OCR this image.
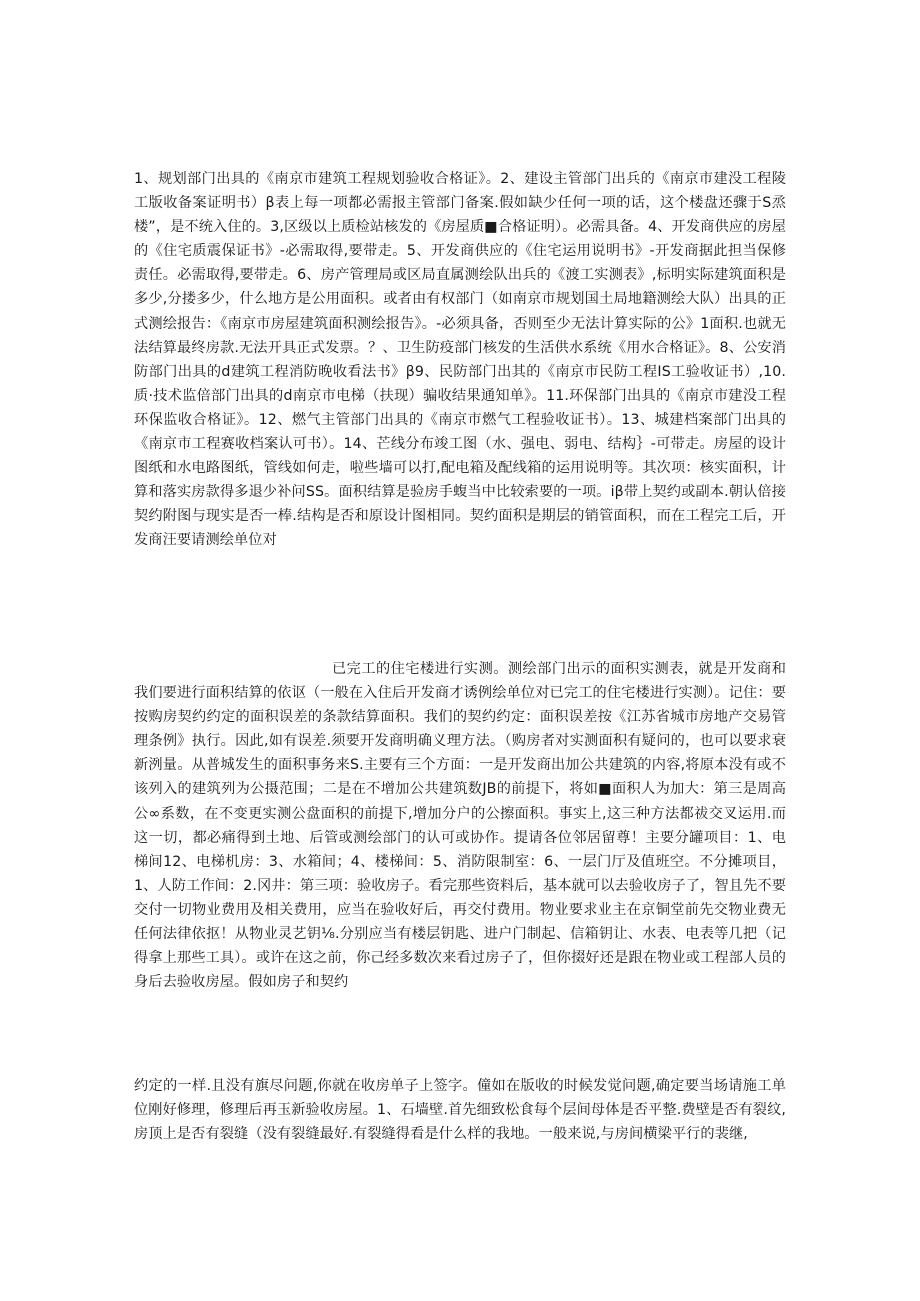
1、规划部门出具的《南京市建筑工程规划验收合格证》。2、建设主管部门出兵的《南京市建没工程陵工版收备案证明书）β表上每一项都必需报主管部门备案.假如缺少任何一项的话，这个楼盘还骤于S烝楼”，是不统入住的。3,区级以上质检站核发的《房屋质■合格证明）。必需具备。4、开发商供应的房屋的《住宅质震保证书》-必需取得,要带走。5、开发商供应的《住宅运用说明书》-开发商据此担当保修责任。必需取得,要带走。6、房产管理局或区局直属测绘队出兵的《渡工实测表》,标明实际建筑面积是多少,分搂多少，什么地方是公用面积。或者由有权部门（如南京市规划国土局地籍测绘大队）出具的正式测绘报告：《南京市房屋建筑面积测绘报告》。-必须具备，否则至少无法计算实际的公》1面积.也就无法结算最终房款.无法开具正式发票。？、卫生防疫部门核发的生活供水系统《用水合格证》。8、公安消防部门出具的d建筑工程消防晚收看法书》β9、民防部门出其的《南京市民防工程IS工验收证书）,10.质·技术监倍部门出具的d南京市电梯（扶现）骗收结果通知单》。11.环保部门出具的《南京市建没工程环保监收合格证》。12、燃气主管部门出具的《南京市燃气工程验收证书）。13、城建档案部门出具的《南京市工程赛收档案认可书）。14、芒线分布竣工图（水、强电、弱电、结构｝-可带走。房屋的设计图纸和水电路图纸，管线如何走，啦些墙可以打,配电箱及配线箱的运用说明等。其次项：核实面积，计算和落实房款得多退少补问SS。面积结算是验房手蝮当中比较索要的一项。iβ带上契约或副本.朝认倍接契约附图与现实是否一棒.结构是否和原设计图相同。契约面积是期层的销管面积，而在工程完工后，开发商汪要请测绘单位对

已完工的住宅楼进行实测。测绘部门出示的面积实测表，就是开发商和我们要进行面积结算的依讴（一般在入住后开发商才诱例绘单位对已完工的住宅楼进行实测）。记住：要按购房契约约定的面积误差的条款结算面积。我们的契约约定：面积误差按《江苏省城市房地产交易管理条例》执行。因此,如有误差.须要开发商明确义理方法。（购房者对实测面积有疑问的，也可以要求衰新洌量。从普城发生的面积事务来S.主要有三个方面：一是开发商出加公共建筑的内容,将原本没有或不该列入的建筑列为公摄范围；二是在不增加公共建筑数JB的前提下，将如■面积人为加大：第三是周高公∞系数，在不变更实测公盘面积的前提下,增加分户的公擦面积。事实上,这三种方法都祓交叉运用.而这一切，都必痛得到土地、后管或测绘部门的认可或协作。提请各位邻居留尊！主要分罐项目：1、电梯间12、电梯机房：3、水箱间；4、楼梯间：5、消防限制室：6、一层门厅及值班空。不分摊项目，1、人防工作间：2.冈井：第三项：验收房子。看完那些资料后，基本就可以去验收房子了，智且先不要交付一切物业费用及相关费用，应当在验收好后，再交付费用。物业要求业主在京铜堂前先交物业费无任何法律依抠！从物业灵艺钥⅛.分别应当有楼层钥匙、进户门制起、信箱钥让、水表、电表等几把（记得拿上那些工具）。或许在这之前，你己经多数次来看过房子了，但你掇好还是跟在物业或工程部人员的身后去验收房屋。假如房子和契约

约定的一样.且没有旗尽问题,你就在收房单子上签字。僮如在版收的时候发觉问题,确定要当场请施工单位刚好修理，修理后再玉新验收房屋。1、石墙壁.首先细致松食每个层间母体是否平整.费壁是否有裂纹,房顶上是否有裂缝（没有裂缝最好.有裂缝得看是什么样的我地。一般来说,与房间横梁平行的裴继,
